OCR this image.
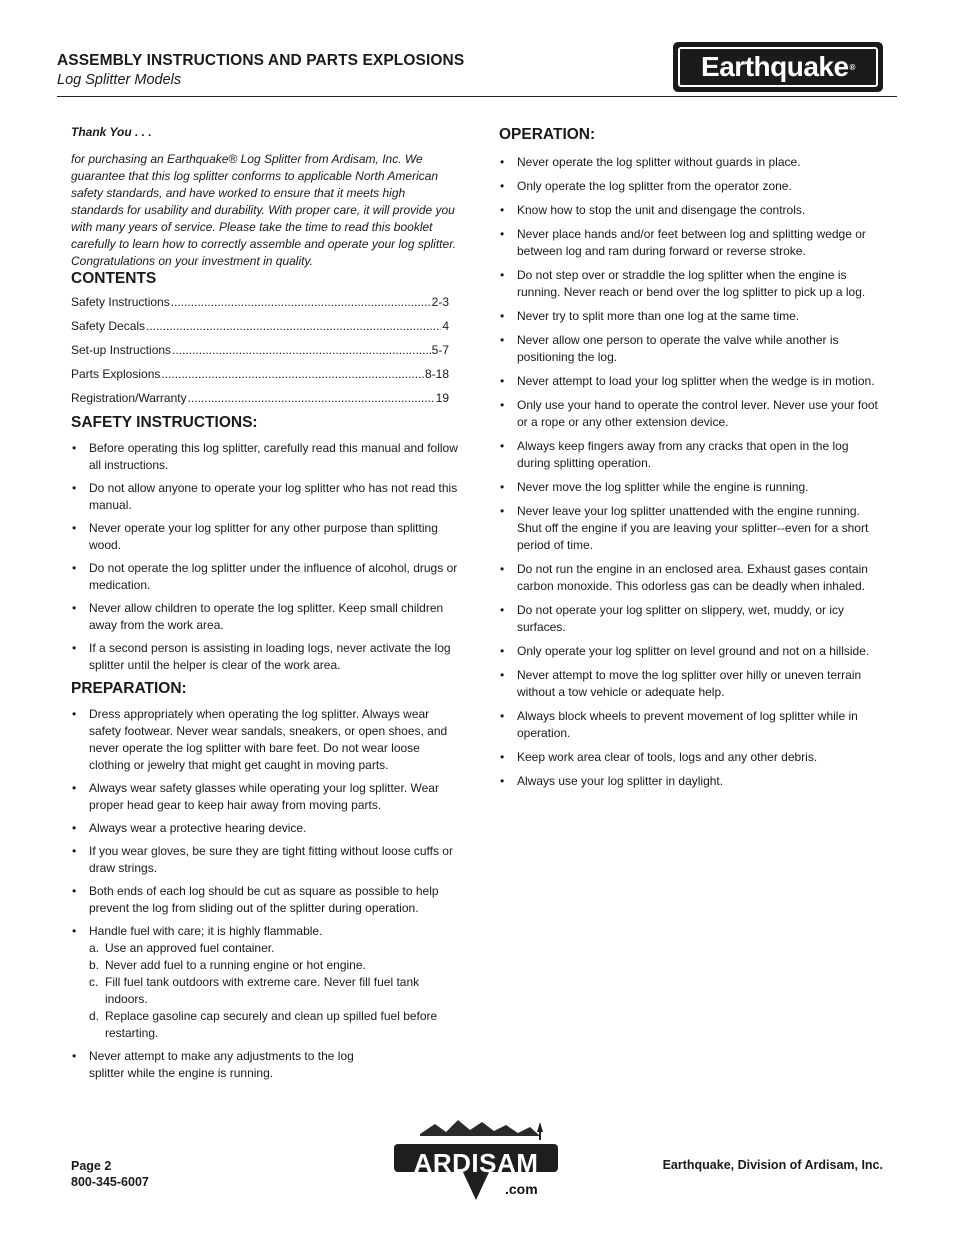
ASSEMBLY INSTRUCTIONS AND PARTS EXPLOSIONS
Log Splitter Models	Earthquake ®

Thank You . . .

for purchasing an Earthquake® Log Splitter from Ardisam, Inc. We guarantee that this log splitter conforms to applicable North American safety standards, and have worked to ensure that it meets high standards for usability and durability. With proper care, it will provide you with many years of service. Please take the time to read this booklet carefully to learn how to correctly assemble and operate your log splitter. Congratulations on your investment in quality.

CONTENTS
Safety Instructions .....	2-3
Safety Decals .....	4
Set-up Instructions .....	5-7
Parts Explosions .....	8-18
Registration/Warranty .....	19
SAFETY INSTRUCTIONS:
• Before operating this log splitter, carefully read this manual and follow all instructions.
• Do not allow anyone to operate your log splitter who has not read this manual.
• Never operate your log splitter for any other purpose than splitting wood.
• Do not operate the log splitter under the influence of alcohol, drugs or medication.
• Never allow children to operate the log splitter. Keep small children away from the work area.
• If a second person is assisting in loading logs, never activate the log splitter until the helper is clear of the work area.
PREPARATION:
• Dress appropriately when operating the log splitter. Always wear safety footwear. Never wear sandals, sneakers, or open shoes, and never operate the log splitter with bare feet. Do not wear loose clothing or jewelry that might get caught in moving parts.
• Always wear safety glasses while operating your log splitter. Wear proper head gear to keep hair away from moving parts.
• Always wear a protective hearing device.
• If you wear gloves, be sure they are tight fitting without loose cuffs or draw strings.
• Both ends of each log should be cut as square as possible to help prevent the log from sliding out of the splitter during operation.
• Handle fuel with care; it is highly flammable.
a. Use an approved fuel container.
b. Never add fuel to a running engine or hot engine.
c. Fill fuel tank outdoors with extreme care. Never fill fuel tank indoors.
d. Replace gasoline cap securely and clean up spilled fuel before restarting.
• Never attempt to make any adjustments to the log splitter while the engine is running.
OPERATION:
• Never operate the log splitter without guards in place.
• Only operate the log splitter from the operator zone.
• Know how to stop the unit and disengage the controls.
• Never place hands and/or feet between log and splitting wedge or between log and ram during forward or reverse stroke.
• Do not step over or straddle the log splitter when the engine is running. Never reach or bend over the log splitter to pick up a log.
• Never try to split more than one log at the same time.
• Never allow one person to operate the valve while another is positioning the log.
• Never attempt to load your log splitter when the wedge is in motion.
• Only use your hand to operate the control lever. Never use your foot or a rope or any other extension device.
• Always keep fingers away from any cracks that open in the log during splitting operation.
• Never move the log splitter while the engine is running.
• Never leave your log splitter unattended with the engine running. Shut off the engine if you are leaving your splitter--even for a short period of time.
• Do not run the engine in an enclosed area. Exhaust gases contain carbon monoxide. This odorless gas can be deadly when inhaled.
• Do not operate your log splitter on slippery, wet, muddy, or icy surfaces.
• Only operate your log splitter on level ground and not on a hillside.
• Never attempt to move the log splitter over hilly or uneven terrain without a tow vehicle or adequate help.
• Always block wheels to prevent movement of log splitter while in operation.
• Keep work area clear of tools, logs and any other debris.
• Always use your log splitter in daylight.
Page 2
800-345-6007
ARDISAM
.com
Earthquake, Division of Ardisam, Inc.
